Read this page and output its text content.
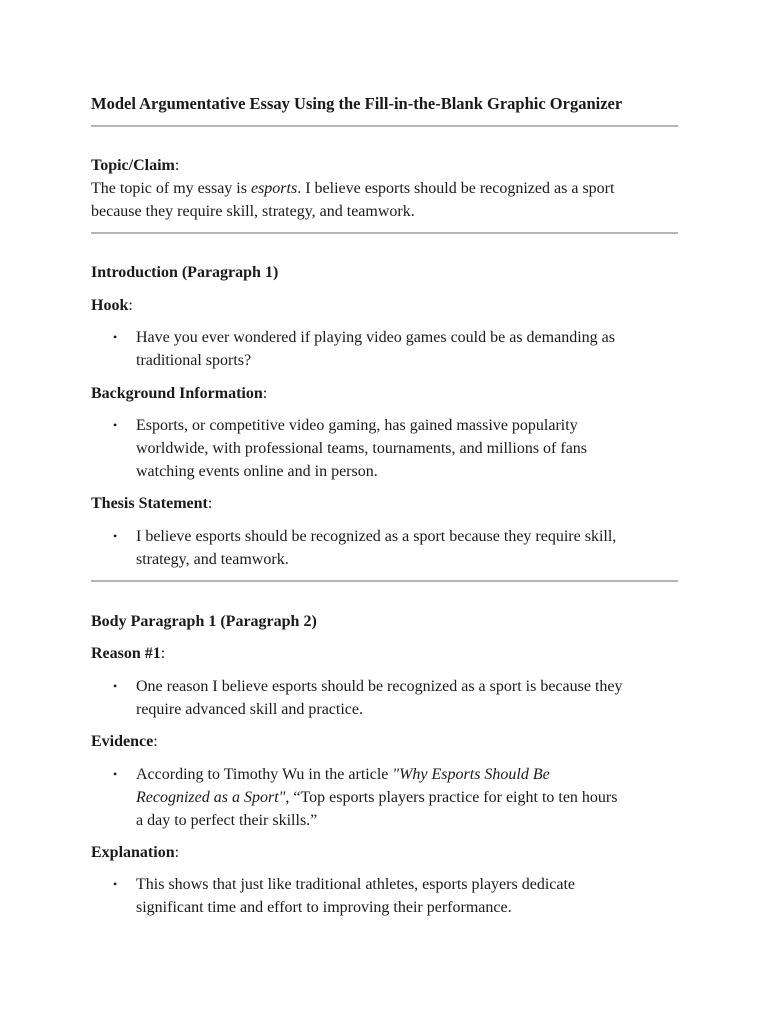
Model Argumentative Essay Using the Fill-in-the-Blank Graphic Organizer
Topic/Claim:
The topic of my essay is esports. I believe esports should be recognized as a sport
because they require skill, strategy, and teamwork.
Introduction (Paragraph 1)
Hook:
• Have you ever wondered if playing video games could be as demanding as
traditional sports?
Background Information:
• Esports, or competitive video gaming, has gained massive popularity
worldwide, with professional teams, tournaments, and millions of fans
watching events online and in person.
Thesis Statement:
• I believe esports should be recognized as a sport because they require skill,
strategy, and teamwork.
Body Paragraph 1 (Paragraph 2)
Reason #1:
• One reason I believe esports should be recognized as a sport is because they
require advanced skill and practice.
Evidence:
• According to Timothy Wu in the article "Why Esports Should Be
Recognized as a Sport", “Top esports players practice for eight to ten hours
a day to perfect their skills.”
Explanation:
• This shows that just like traditional athletes, esports players dedicate
significant time and effort to improving their performance.
